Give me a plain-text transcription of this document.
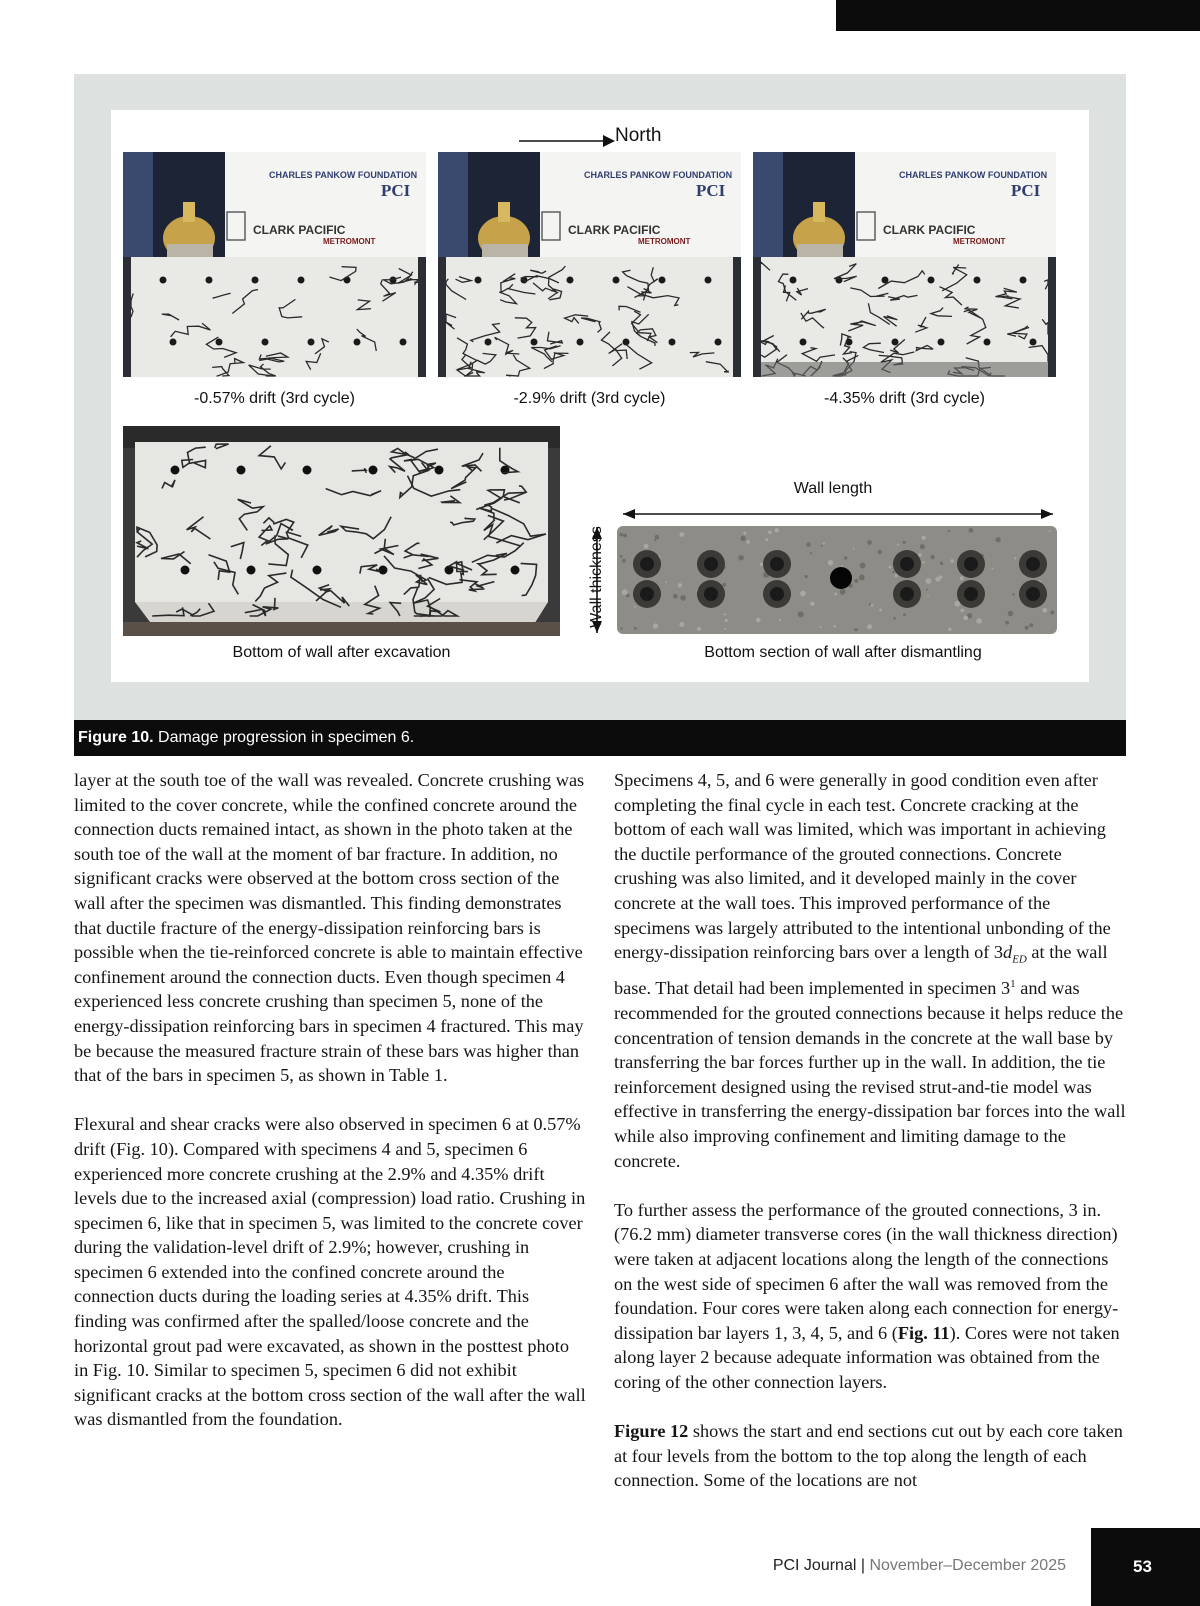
North
CHARLES PANKOW FOUNDATION
PCI
CLARK PACIFIC
METROMONT
CHARLES PANKOW FOUNDATION
PCI
CLARK PACIFIC
METROMONT
CHARLES PANKOW FOUNDATION
PCI
CLARK PACIFIC
METROMONT
-0.57% drift (3rd cycle)	-2.9% drift (3rd cycle)	-4.35% drift (3rd cycle)
Wall length
Wall thickness
Bottom of wall after excavation	Bottom section of wall after dismantling
Figure 10. Damage progression in specimen 6.

layer at the south toe of the wall was revealed. Concrete crushing was limited to the cover concrete, while the confined concrete around the connection ducts remained intact, as shown in the photo taken at the south toe of the wall at the moment of bar fracture. In addition, no significant cracks were observed at the bottom cross section of the wall after the specimen was dismantled. This finding demonstrates that ductile fracture of the energy-dissipation reinforcing bars is possible when the tie-reinforced concrete is able to maintain effective confinement around the connection ducts. Even though specimen 4 experienced less concrete crushing than specimen 5, none of the energy-dissipation reinforcing bars in specimen 4 fractured. This may be because the measured fracture strain of these bars was higher than that of the bars in specimen 5, as shown in Table 1.

Flexural and shear cracks were also observed in specimen 6 at 0.57% drift (Fig. 10). Compared with specimens 4 and 5, specimen 6 experienced more concrete crushing at the 2.9% and 4.35% drift levels due to the increased axial (compression) load ratio. Crushing in specimen 6, like that in specimen 5, was limited to the concrete cover during the validation-level drift of 2.9%; however, crushing in specimen 6 extended into the confined concrete around the connection ducts during the loading series at 4.35% drift. This finding was confirmed after the spalled/loose concrete and the horizontal grout pad were excavated, as shown in the posttest photo in Fig. 10. Similar to specimen 5, specimen 6 did not exhibit significant cracks at the bottom cross section of the wall after the wall was dismantled from the foundation.

Specimens 4, 5, and 6 were generally in good condition even after completing the final cycle in each test. Concrete cracking at the bottom of each wall was limited, which was important in achieving the ductile performance of the grouted connections. Concrete crushing was also limited, and it developed mainly in the cover concrete at the wall toes. This improved performance of the specimens was largely attributed to the intentional unbonding of the energy-dissipation reinforcing bars over a length of $3d_{ED}$ at the wall base. That detail had been implemented in specimen $3^1$ and was recommended for the grouted connections because it helps reduce the concentration of tension demands in the concrete at the wall base by transferring the bar forces further up in the wall. In addition, the tie reinforcement designed using the revised strut-and-tie model was effective in transferring the energy-dissipation bar forces into the wall while also improving confinement and limiting damage to the concrete.

To further assess the performance of the grouted connections, 3 in. (76.2 mm) diameter transverse cores (in the wall thickness direction) were taken at adjacent locations along the length of the connections on the west side of specimen 6 after the wall was removed from the foundation. Four cores were taken along each connection for energy-dissipation bar layers 1, 3, 4, 5, and 6 (Fig. 11). Cores were not taken along layer 2 because adequate information was obtained from the coring of the other connection layers.

Figure 12 shows the start and end sections cut out by each core taken at four levels from the bottom to the top along the length of each connection. Some of the locations are not

PCI Journal | November–December 2025	53
